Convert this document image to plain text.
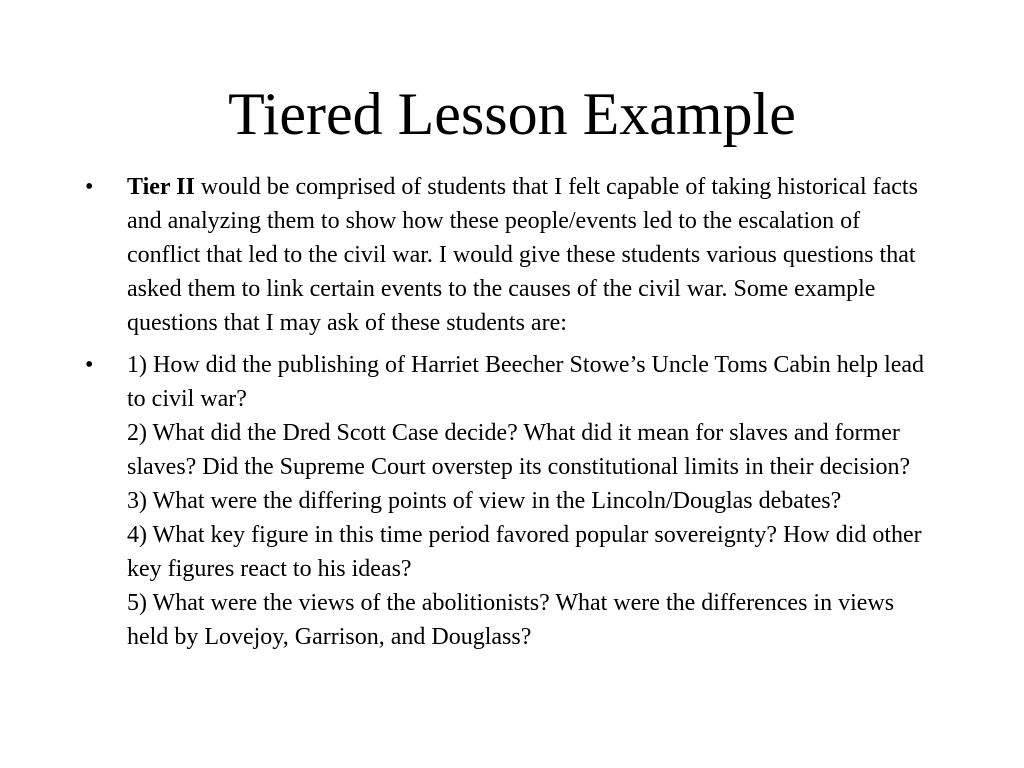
Tiered Lesson Example
•	Tier II would be comprised of students that I felt capable of taking historical facts and analyzing them to show how these people/events led to the escalation of conflict that led to the civil war. I would give these students various questions that asked them to link certain events to the causes of the civil war. Some example questions that I may ask of these students are:
•	1) How did the publishing of Harriet Beecher Stowe’s Uncle Toms Cabin help lead to civil war?
2) What did the Dred Scott Case decide? What did it mean for slaves and former slaves? Did the Supreme Court overstep its constitutional limits in their decision?
3) What were the differing points of view in the Lincoln/Douglas debates?
4) What key figure in this time period favored popular sovereignty? How did other key figures react to his ideas?
5) What were the views of the abolitionists? What were the differences in views held by Lovejoy, Garrison, and Douglass?
